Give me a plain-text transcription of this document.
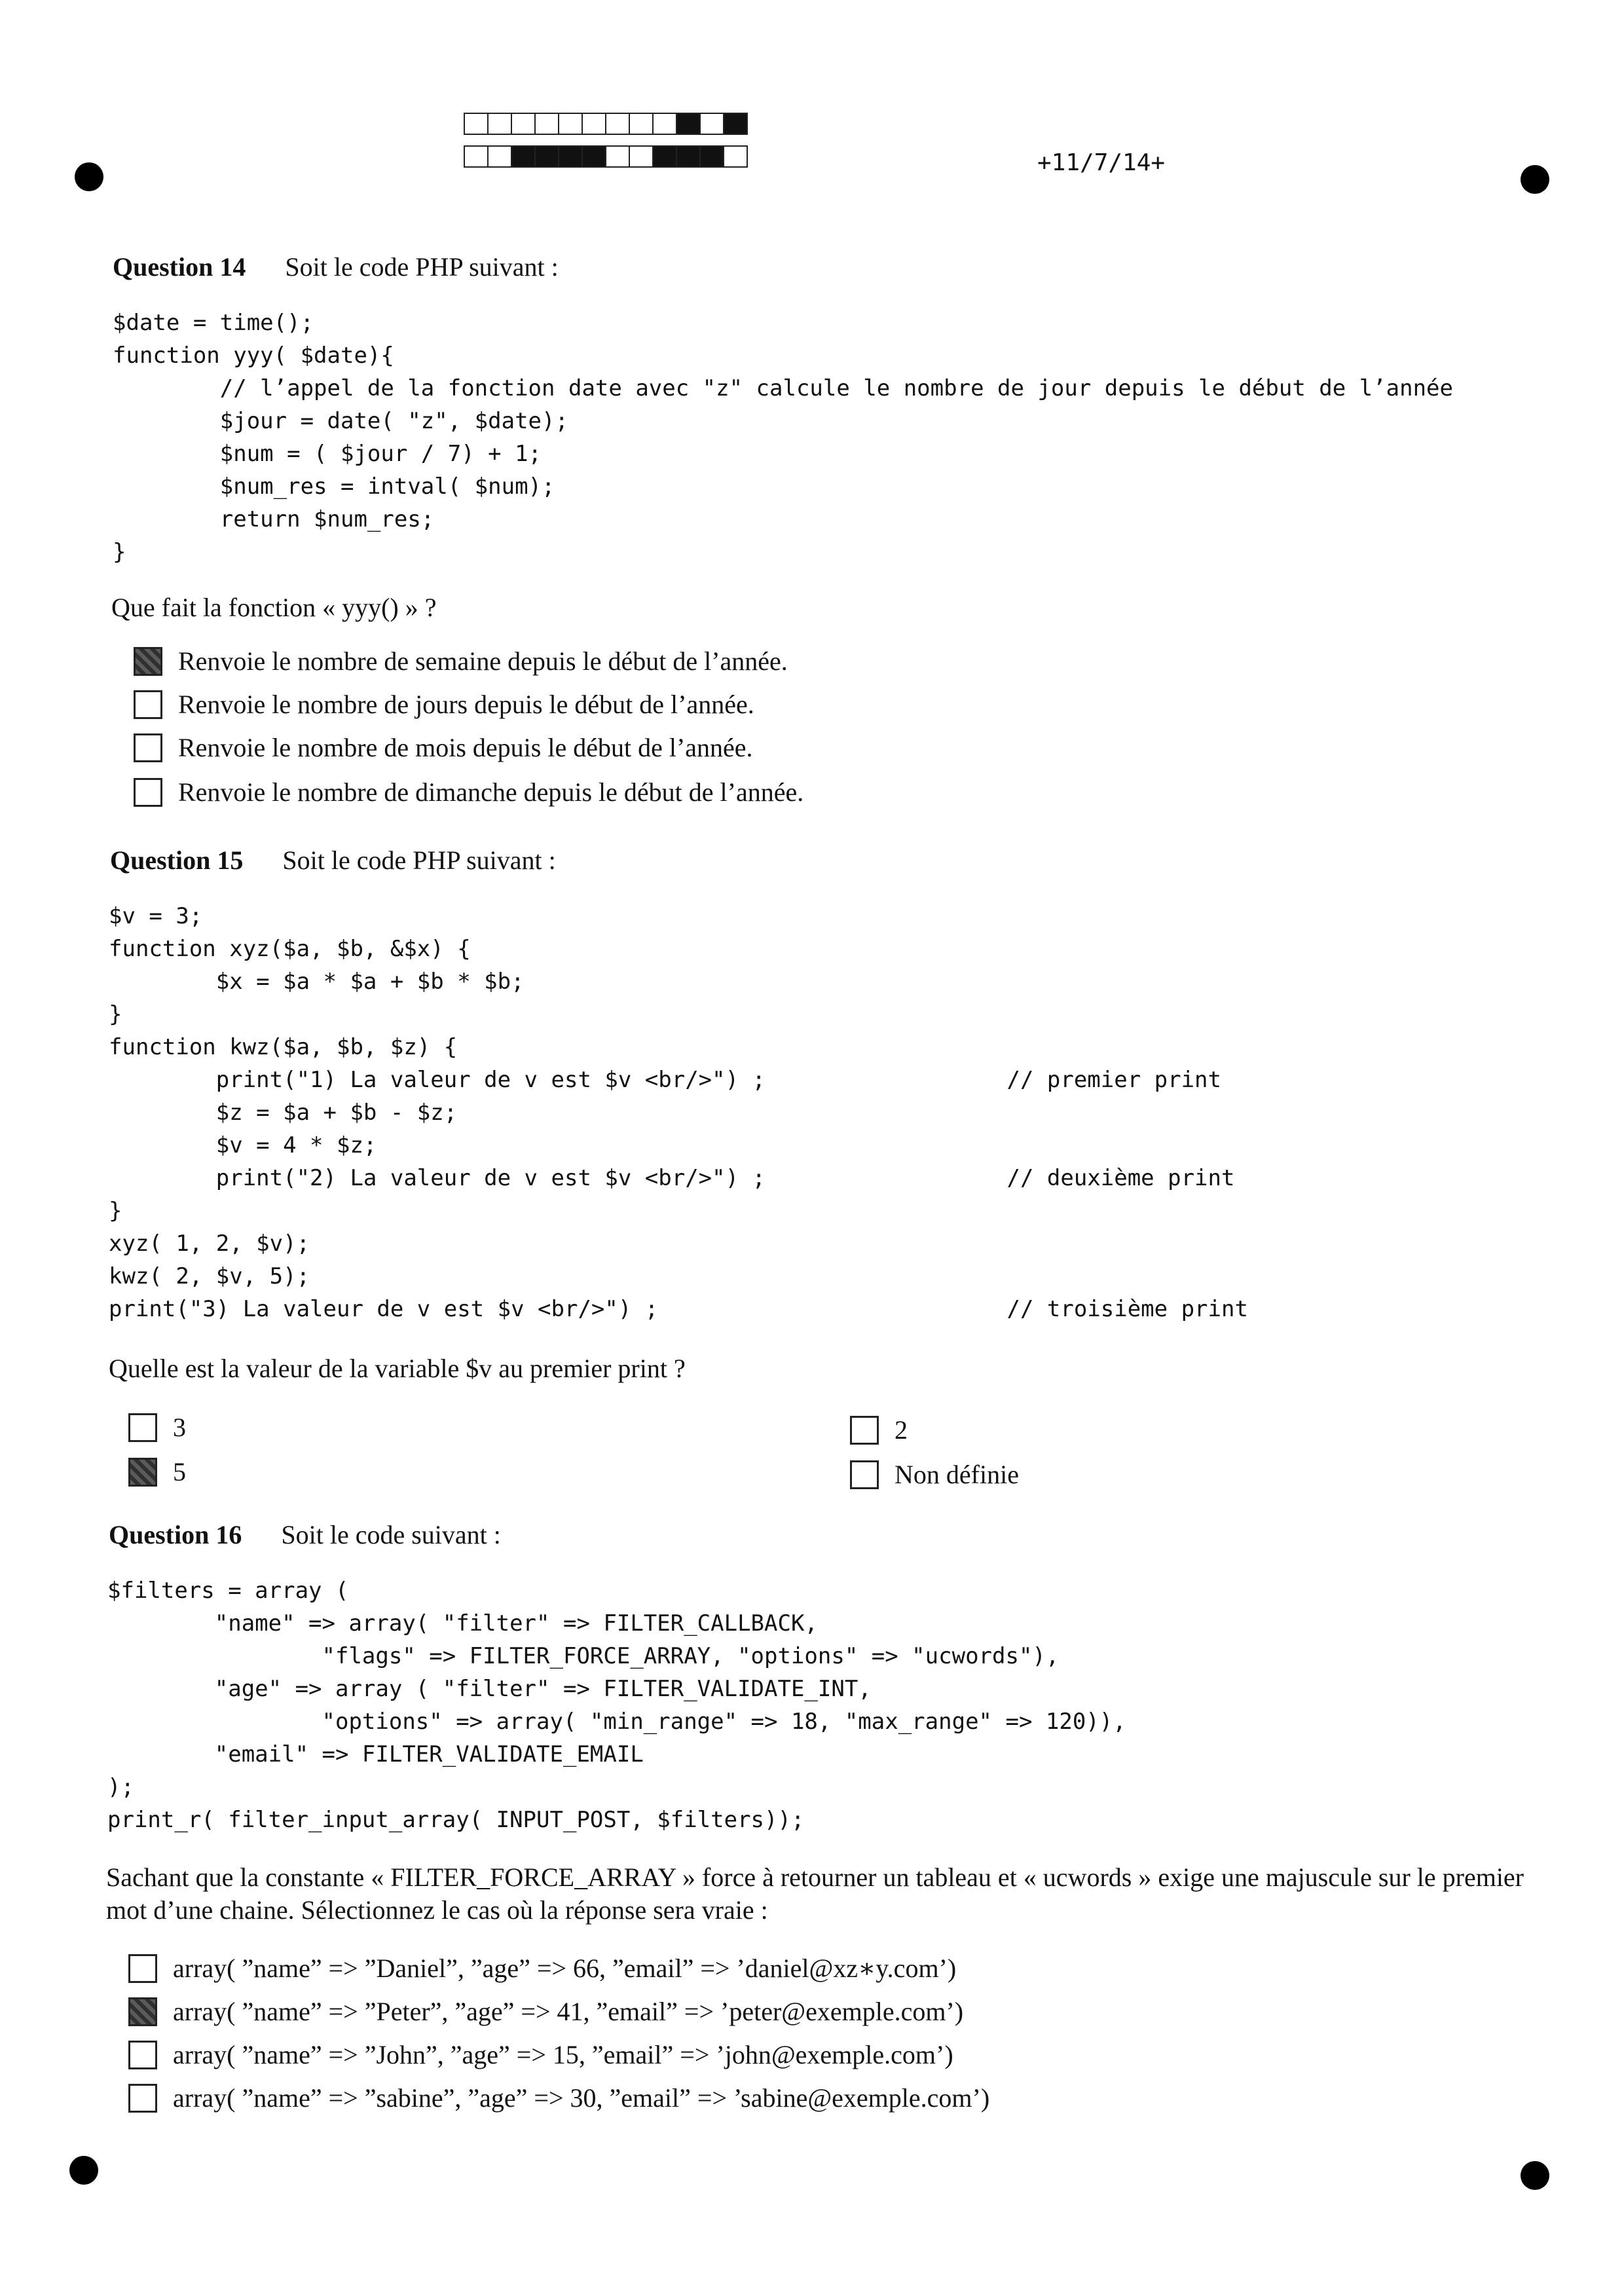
+11/7/14+
Question 14 Soit le code PHP suivant :
$date = time();
function yyy( $date){
// l’appel de la fonction date avec "z" calcule le nombre de jour depuis le début de l’année
$jour = date( "z", $date);
$num = ( $jour / 7) + 1;
$num_res = intval( $num);
return $num_res;
}
Que fait la fonction « yyy() » ?
Renvoie le nombre de semaine depuis le début de l’année.
Renvoie le nombre de jours depuis le début de l’année.
Renvoie le nombre de mois depuis le début de l’année.
Renvoie le nombre de dimanche depuis le début de l’année.
Question 15 Soit le code PHP suivant :
$v = 3;
function xyz($a, $b, &$x) {
$x = $a * $a + $b * $b;
}
function kwz($a, $b, $z) {
print("1) La valeur de v est $v <br/>") ;                  // premier print
$z = $a + $b - $z;
$v = 4 * $z;
print("2) La valeur de v est $v <br/>") ;                  // deuxième print
}
xyz( 1, 2, $v);
kwz( 2, $v, 5);
print("3) La valeur de v est $v <br/>") ;                          // troisième print
Quelle est la valeur de la variable $v au premier print ?
3	2
5	Non définie
Question 16 Soit le code suivant :
$filters = array (
"name" => array( "filter" => FILTER_CALLBACK,
"flags" => FILTER_FORCE_ARRAY, "options" => "ucwords"),
"age" => array ( "filter" => FILTER_VALIDATE_INT,
"options" => array( "min_range" => 18, "max_range" => 120)),
"email" => FILTER_VALIDATE_EMAIL
);
print_r( filter_input_array( INPUT_POST, $filters));
Sachant que la constante « FILTER_FORCE_ARRAY » force à retourner un tableau et « ucwords » exige une majuscule sur le premier mot d’une chaine. Sélectionnez le cas où la réponse sera vraie :
array( ”name” => ”Daniel”, ”age” => 66, ”email” => ’daniel@xz∗y.com’)
array( ”name” => ”Peter”, ”age” => 41, ”email” => ’peter@exemple.com’)
array( ”name” => ”John”, ”age” => 15, ”email” => ’john@exemple.com’)
array( ”name” => ”sabine”, ”age” => 30, ”email” => ’sabine@exemple.com’)
